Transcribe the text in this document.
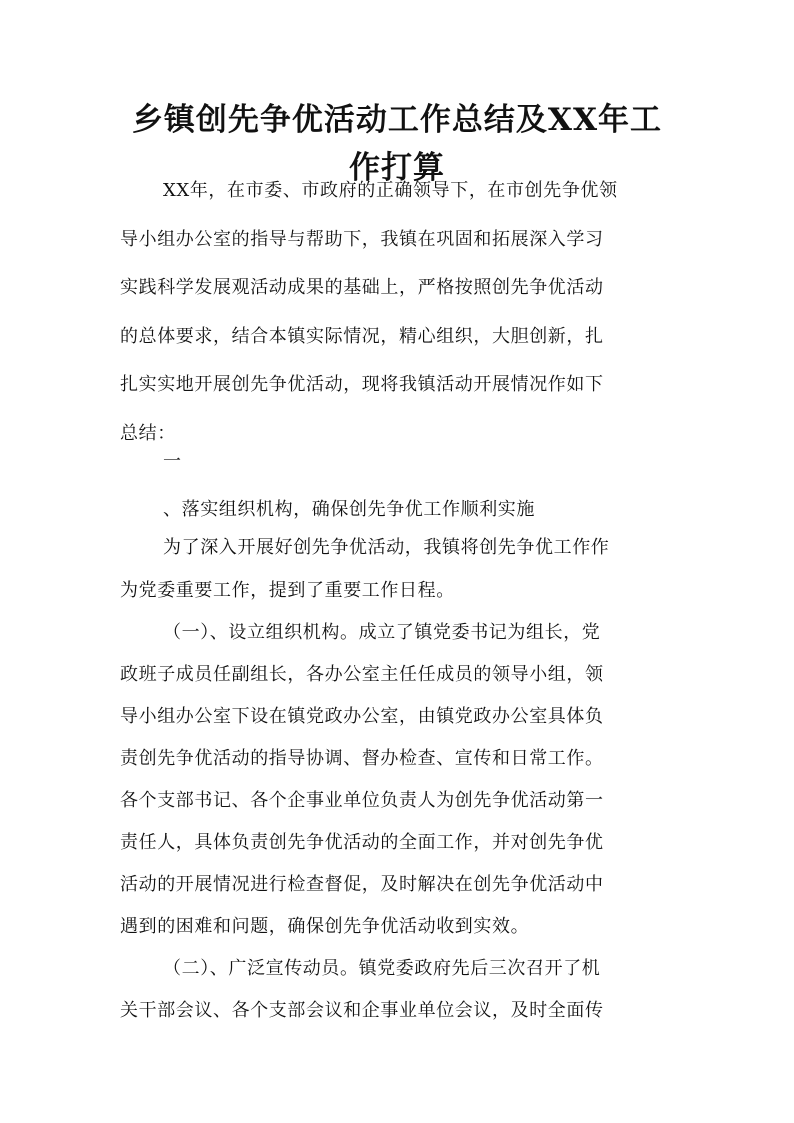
乡镇创先争优活动工作总结及XX年工
作打算
XX年，在市委、市政府的正确领导下，在市创先争优领
导小组办公室的指导与帮助下，我镇在巩固和拓展深入学习
实践科学发展观活动成果的基础上，严格按照创先争优活动
的总体要求，结合本镇实际情况，精心组织，大胆创新，扎
扎实实地开展创先争优活动，现将我镇活动开展情况作如下
总结：
一
、落实组织机构，确保创先争优工作顺利实施
为了深入开展好创先争优活动，我镇将创先争优工作作
为党委重要工作，提到了重要工作日程。
（一）、设立组织机构。成立了镇党委书记为组长，党
政班子成员任副组长，各办公室主任任成员的领导小组，领
导小组办公室下设在镇党政办公室，由镇党政办公室具体负
责创先争优活动的指导协调、督办检查、宣传和日常工作。
各个支部书记、各个企事业单位负责人为创先争优活动第一
责任人，具体负责创先争优活动的全面工作，并对创先争优
活动的开展情况进行检查督促，及时解决在创先争优活动中
遇到的困难和问题，确保创先争优活动收到实效。
（二）、广泛宣传动员。镇党委政府先后三次召开了机
关干部会议、各个支部会议和企事业单位会议，及时全面传
